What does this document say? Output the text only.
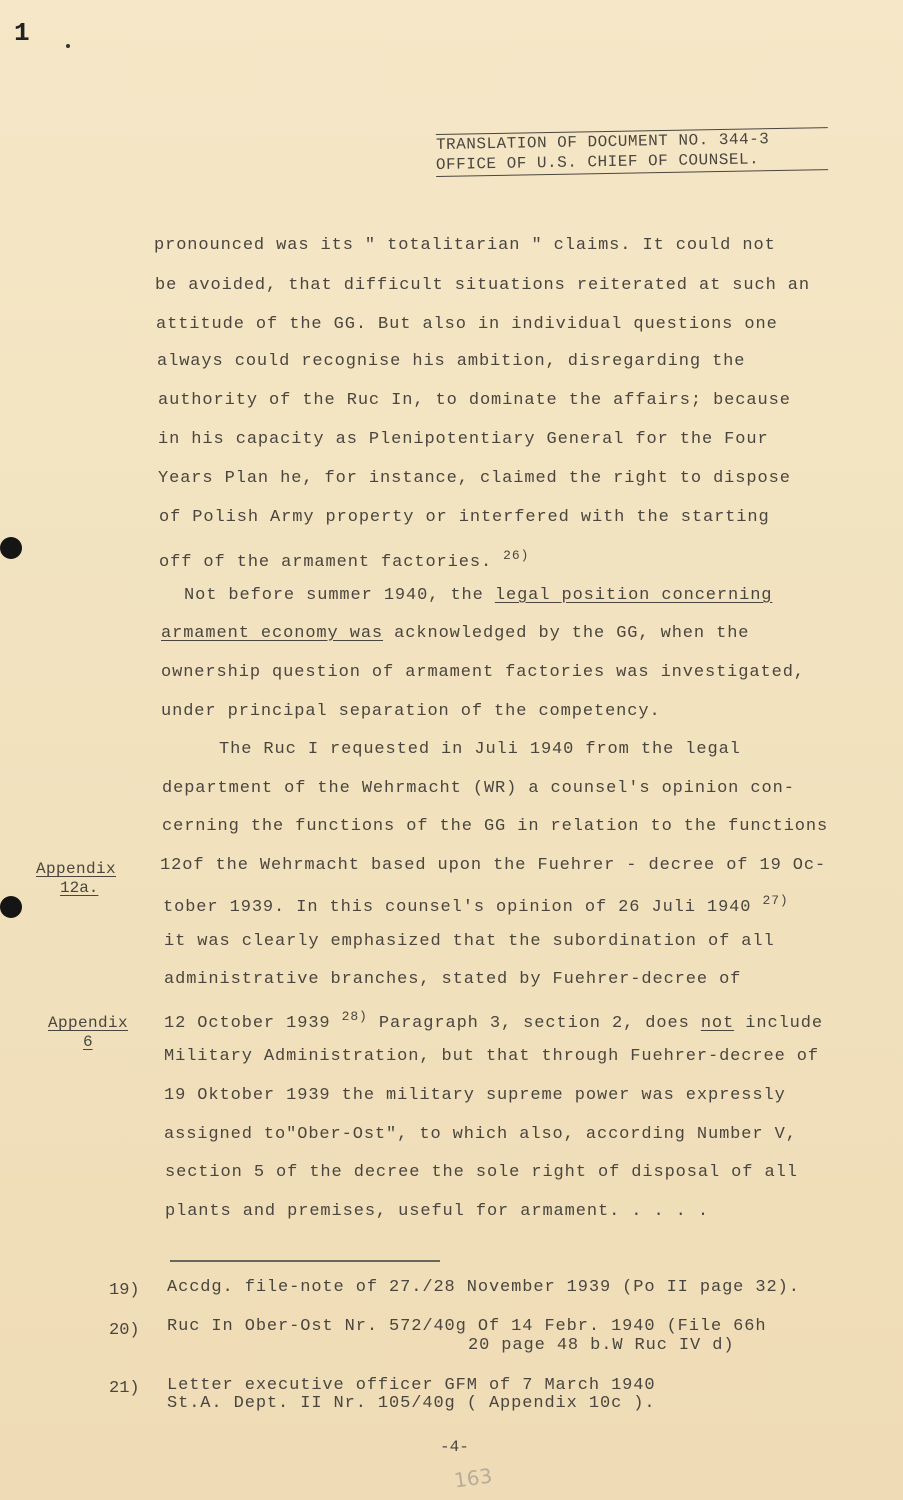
1
TRANSLATION OF DOCUMENT NO. 344-3
OFFICE OF U.S. CHIEF OF COUNSEL.
pronounced was its " totalitarian " claims. It could not
be avoided, that difficult situations reiterated at such an
attitude of the GG. But also in individual questions one
always could recognise his ambition, disregarding the
authority of the Ruc In, to dominate the affairs; because
in his capacity as Plenipotentiary General for the Four
Years Plan he, for instance, claimed the right to dispose
of Polish Army property or interfered with the starting
off of the armament factories. $^{26)}$
Not before summer 1940, the legal position concerning
armament economy was acknowledged by the GG, when the
ownership question of armament factories was investigated,
under principal separation of the competency.
The Ruc I requested in Juli 1940 from the legal
department of the Wehrmacht (WR) a counsel's opinion con-
cerning the functions of the GG in relation to the functions
12of the Wehrmacht based upon the Fuehrer - decree of 19 Oc-
tober 1939. In this counsel's opinion of 26 Juli 1940 $^{27)}$
it was clearly emphasized that the subordination of all
administrative branches, stated by Fuehrer-decree of
12 October 1939 $^{28)}$ Paragraph 3, section 2, does not include
Military Administration, but that through Fuehrer-decree of
19 Oktober 1939 the military supreme power was expressly
assigned to"Ober-Ost", to which also, according Number V,
section 5 of the decree the sole right of disposal of all
plants and premises, useful for armament. . . . .
Appendix
12a.
Appendix
6
19) Accdg. file-note of 27./28 November 1939 (Po II page 32).
20) Ruc In Ober-Ost Nr. 572/40g Of 14 Febr. 1940 (File 66h
20 page 48 b.W Ruc IV d)
21) Letter executive officer GFM of 7 March 1940
St.A. Dept. II Nr. 105/40g ( Appendix 10c ).
-4-
163
